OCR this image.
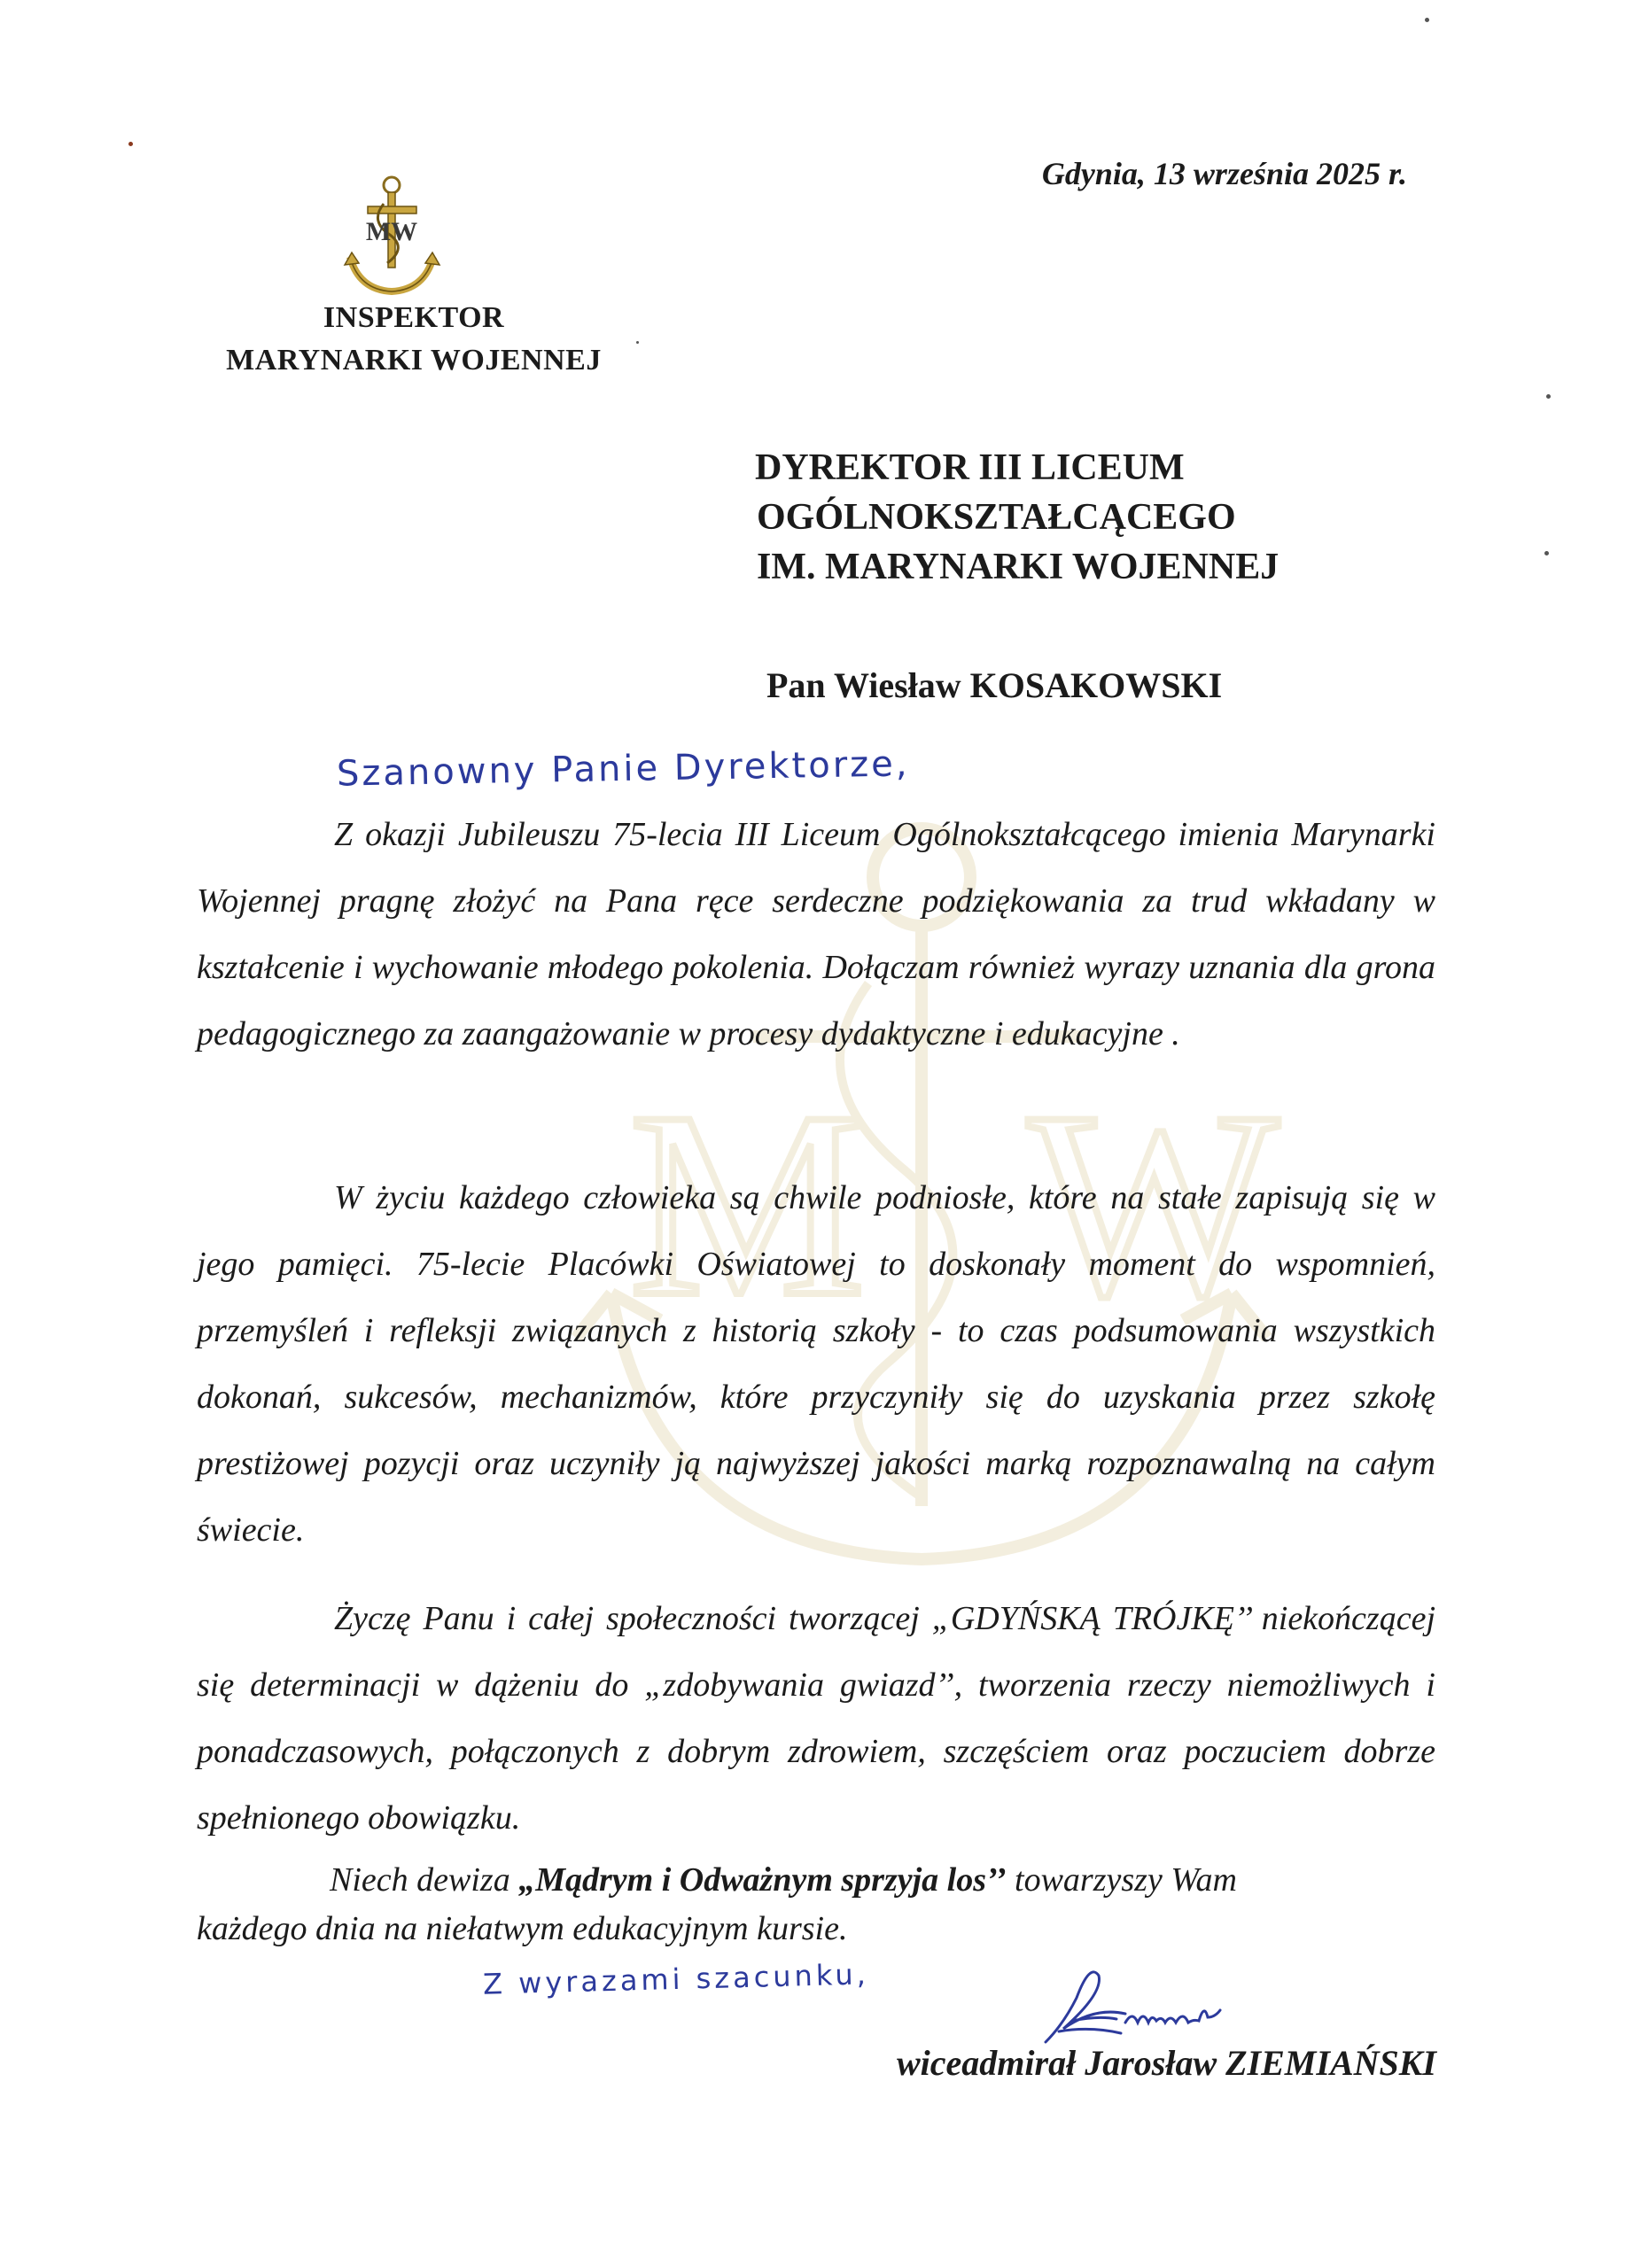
M W
MW
Gdynia, 13 września 2025 r.
INSPEKTOR
MARYNARKI WOJENNEJ
DYREKTOR III LICEUM
OGÓLNOKSZTAŁCĄCEGO
IM. MARYNARKI WOJENNEJ
Pan Wiesław KOSAKOWSKI
Szanowny Panie Dyrektorze,
Z okazji Jubileuszu 75-lecia III Liceum Ogólnokształcącego imienia Marynarki Wojennej pragnę złożyć na Pana ręce serdeczne podziękowania za trud wkładany w kształcenie i wychowanie młodego pokolenia. Dołączam również wyrazy uznania dla grona pedagogicznego za zaangażowanie w procesy dydaktyczne i edukacyjne .
W życiu każdego człowieka są chwile podniosłe, które na stałe zapisują się w jego pamięci. 75-lecie Placówki Oświatowej to doskonały moment do wspomnień, przemyśleń i refleksji związanych z historią szkoły - to czas podsumowania wszystkich dokonań, sukcesów, mechanizmów, które przyczyniły się do uzyskania przez szkołę prestiżowej pozycji oraz uczyniły ją najwyższej jakości marką rozpoznawalną na całym świecie.
Życzę Panu i całej społeczności tworzącej „GDYŃSKĄ TRÓJKĘ’’ niekończącej się determinacji w dążeniu do „zdobywania gwiazd’’, tworzenia rzeczy niemożliwych i ponadczasowych, połączonych z dobrym zdrowiem, szczęściem oraz poczuciem dobrze spełnionego obowiązku.
Niech dewiza „Mądrym i Odważnym sprzyja los’’ towarzyszy Wam
każdego dnia na niełatwym edukacyjnym kursie.
Z wyrazami szacunku,
wiceadmirał Jarosław ZIEMIAŃSKI
